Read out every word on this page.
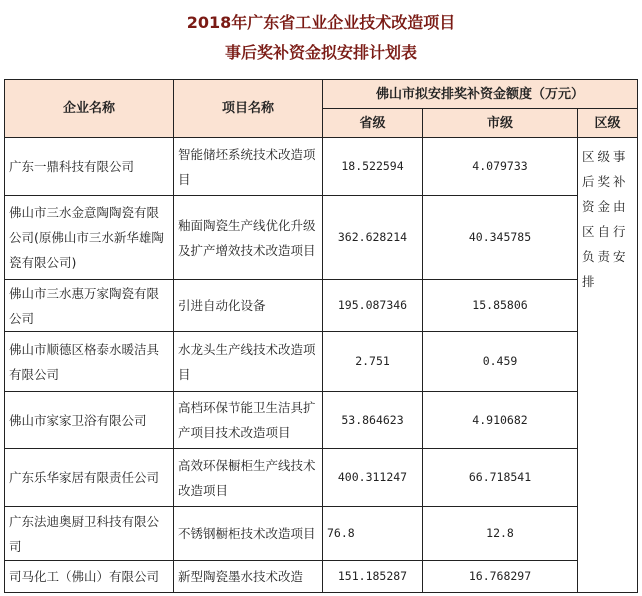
2018年广东省工业企业技术改造项目
事后奖补资金拟安排计划表
企业名称	项目名称	佛山市拟安排奖补资金额度（万元）		
		省级	市级	区级
广东一鼎科技有限公司	智能储坯系统技术改造项目	18.522594	4.079733	区级事后奖补资金由区自行负责安排
佛山市三水金意陶陶瓷有限公司(原佛山市三水新华雄陶瓷有限公司)	釉面陶瓷生产线优化升级及扩产增效技术改造项目	362.628214	40.345785	
佛山市三水惠万家陶瓷有限公司	引进自动化设备	195.087346	15.85806	
佛山市顺德区格泰水暖洁具有限公司	水龙头生产线技术改造项目	2.751	0.459	
佛山市家家卫浴有限公司	高档环保节能卫生洁具扩产项目技术改造项目	53.864623	4.910682	
广东乐华家居有限责任公司	高效环保橱柜生产线技术改造项目	400.311247	66.718541	
广东法迪奥厨卫科技有限公司	不锈钢橱柜技术改造项目	76.8	12.8	
司马化工（佛山）有限公司	新型陶瓷墨水技术改造	151.185287	16.768297	
